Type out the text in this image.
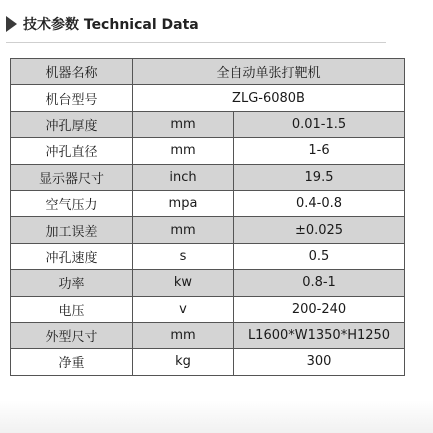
技术参数 Technical Data
机器名称	全自动单张打靶机	
机台型号	ZLG-6080B	
冲孔厚度	mm	0.01-1.5
冲孔直径	mm	1-6
显示器尺寸	inch	19.5
空气压力	mpa	0.4-0.8
加工误差	mm	±0.025
冲孔速度	s	0.5
功率	kw	0.8-1
电压	v	200-240
外型尺寸	mm	L1600*W1350*H1250
净重	kg	300
